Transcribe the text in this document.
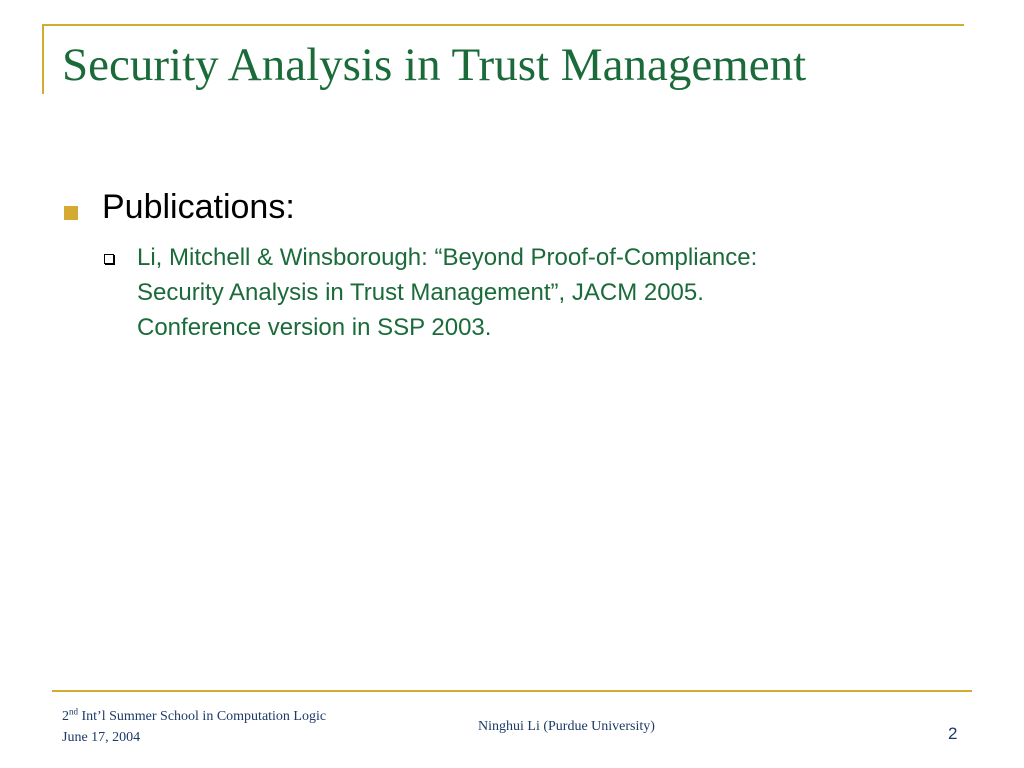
Security Analysis in Trust Management
Publications:
Li, Mitchell & Winsborough: “Beyond Proof-of-Compliance:
Security Analysis in Trust Management”, JACM 2005.
Conference version in SSP 2003.
2nd Int’l Summer School in Computation Logic
June 17, 2004
Ninghui Li (Purdue University)	2
